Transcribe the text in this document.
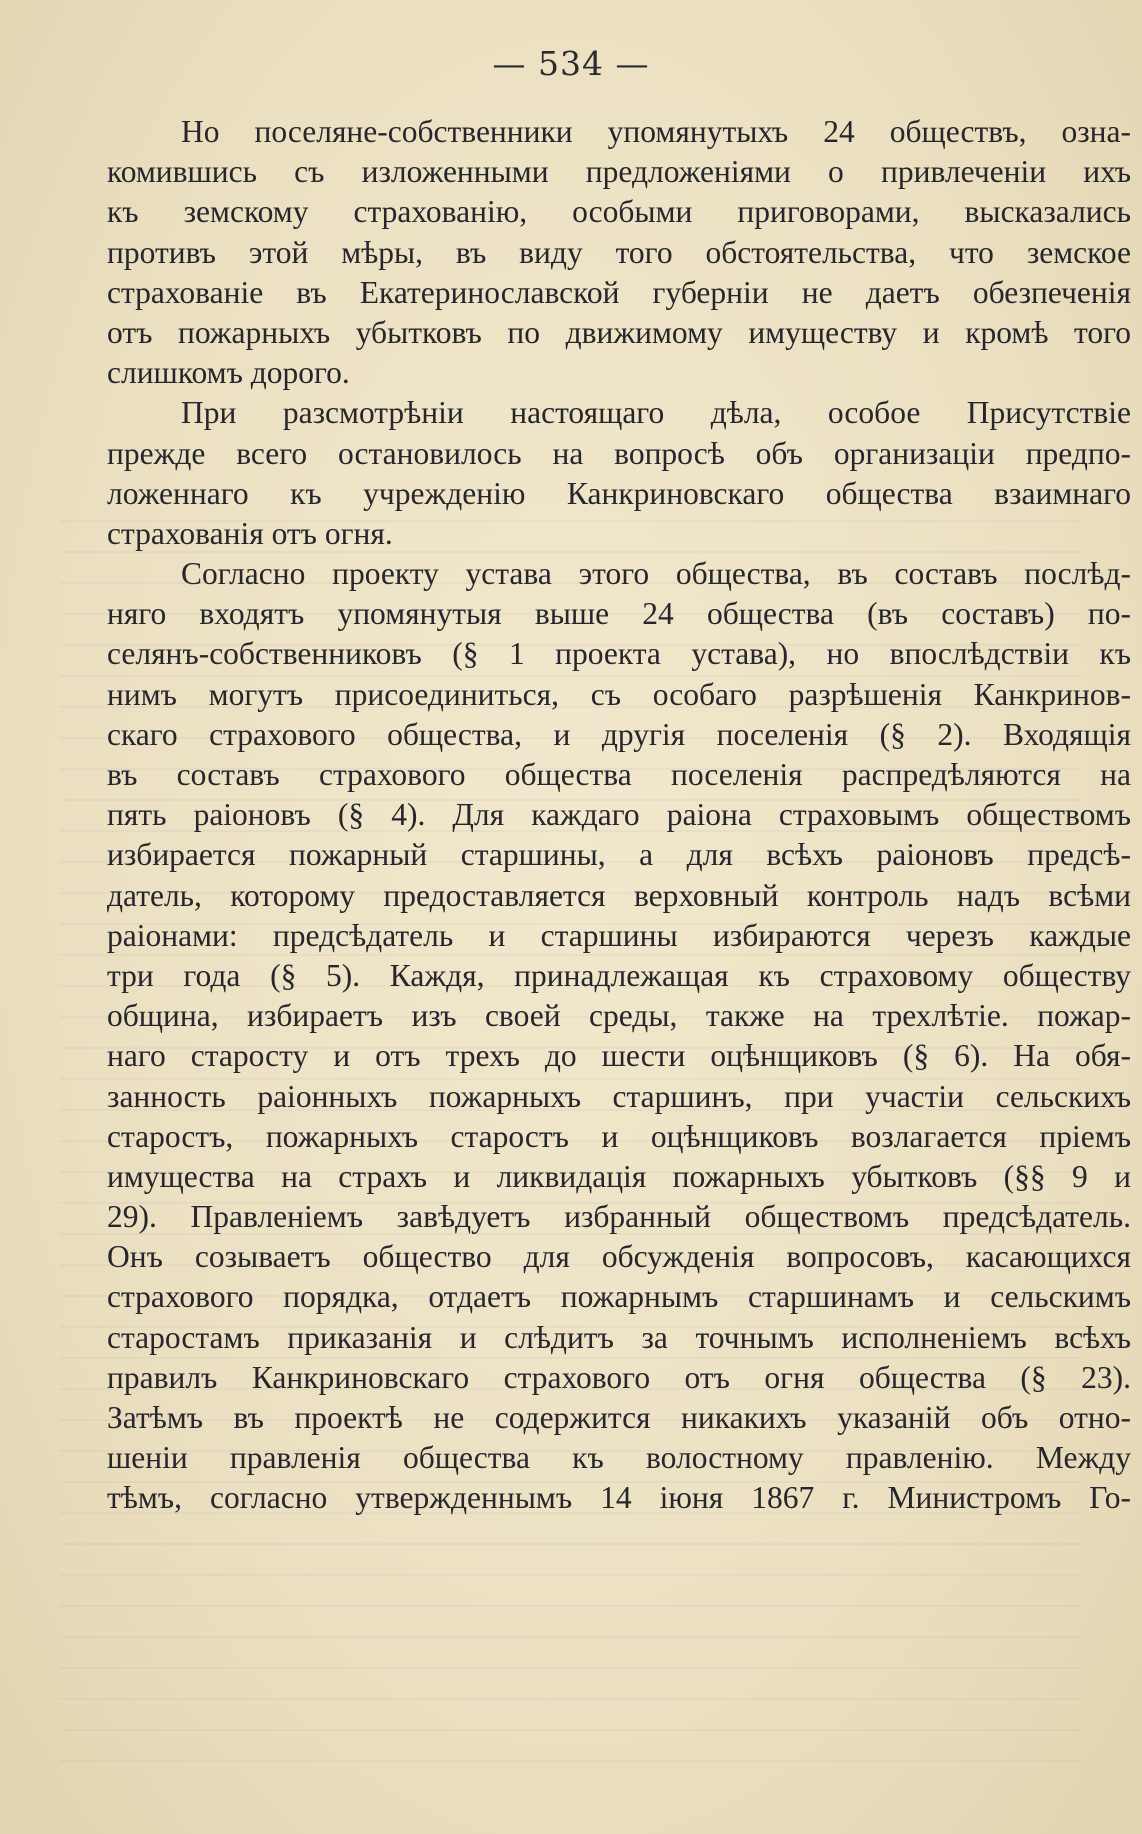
— 534 —

Но поселяне-собственники упомянутыхъ 24 обществъ, озна-
комившись съ изложенными предложеніями о привлеченіи ихъ
къ земскому страхованію, особыми приговорами, высказались
противъ этой мѣры, въ виду того обстоятельства, что земское
страхованіе въ Екатеринославской губерніи не даетъ обезпеченія
отъ пожарныхъ убытковъ по движимому имуществу и кромѣ того
слишкомъ дорого.

При разсмотрѣніи настоящаго дѣла, особое Присутствіе
прежде всего остановилось на вопросѣ объ организаціи предпо-
ложеннаго къ учрежденію Канкриновскаго общества взаимнаго
страхованія отъ огня.

Согласно проекту устава этого общества, въ составъ послѣд-
няго входятъ упомянутыя выше 24 общества (въ составъ) по-
селянъ-собственниковъ (§ 1 проекта устава), но впослѣдствіи къ
нимъ могутъ присоединиться, съ особаго разрѣшенія Канкринов-
скаго страхового общества, и другія поселенія (§ 2). Входящія
въ составъ страхового общества поселенія распредѣляются на
пять раіоновъ (§ 4). Для каждаго раіона страховымъ обществомъ
избирается пожарный старшины, а для всѣхъ раіоновъ предсѣ-
датель, которому предоставляется верховный контроль надъ всѣми
раіонами: предсѣдатель и старшины избираются черезъ каждые
три года (§ 5). Каждя, принадлежащая къ страховому обществу
община, избираетъ изъ своей среды, также на трехлѣтіе. пожар-
наго старосту и отъ трехъ до шести оцѣнщиковъ (§ 6). На обя-
занность раіонныхъ пожарныхъ старшинъ, при участіи сельскихъ
старостъ, пожарныхъ старостъ и оцѣнщиковъ возлагается пріемъ
имущества на страхъ и ликвидація пожарныхъ убытковъ (§§ 9 и
29). Правленіемъ завѣдуетъ избранный обществомъ предсѣдатель.
Онъ созываетъ общество для обсужденія вопросовъ, касающихся
страхового порядка, отдаетъ пожарнымъ старшинамъ и сельскимъ
старостамъ приказанія и слѣдитъ за точнымъ исполненіемъ всѣхъ
правилъ Канкриновскаго страхового отъ огня общества (§ 23).
Затѣмъ въ проектѣ не содержится никакихъ указаній объ отно-
шеніи правленія общества къ волостному правленію. Между
тѣмъ, согласно утвержденнымъ 14 іюня 1867 г. Министромъ Го-
